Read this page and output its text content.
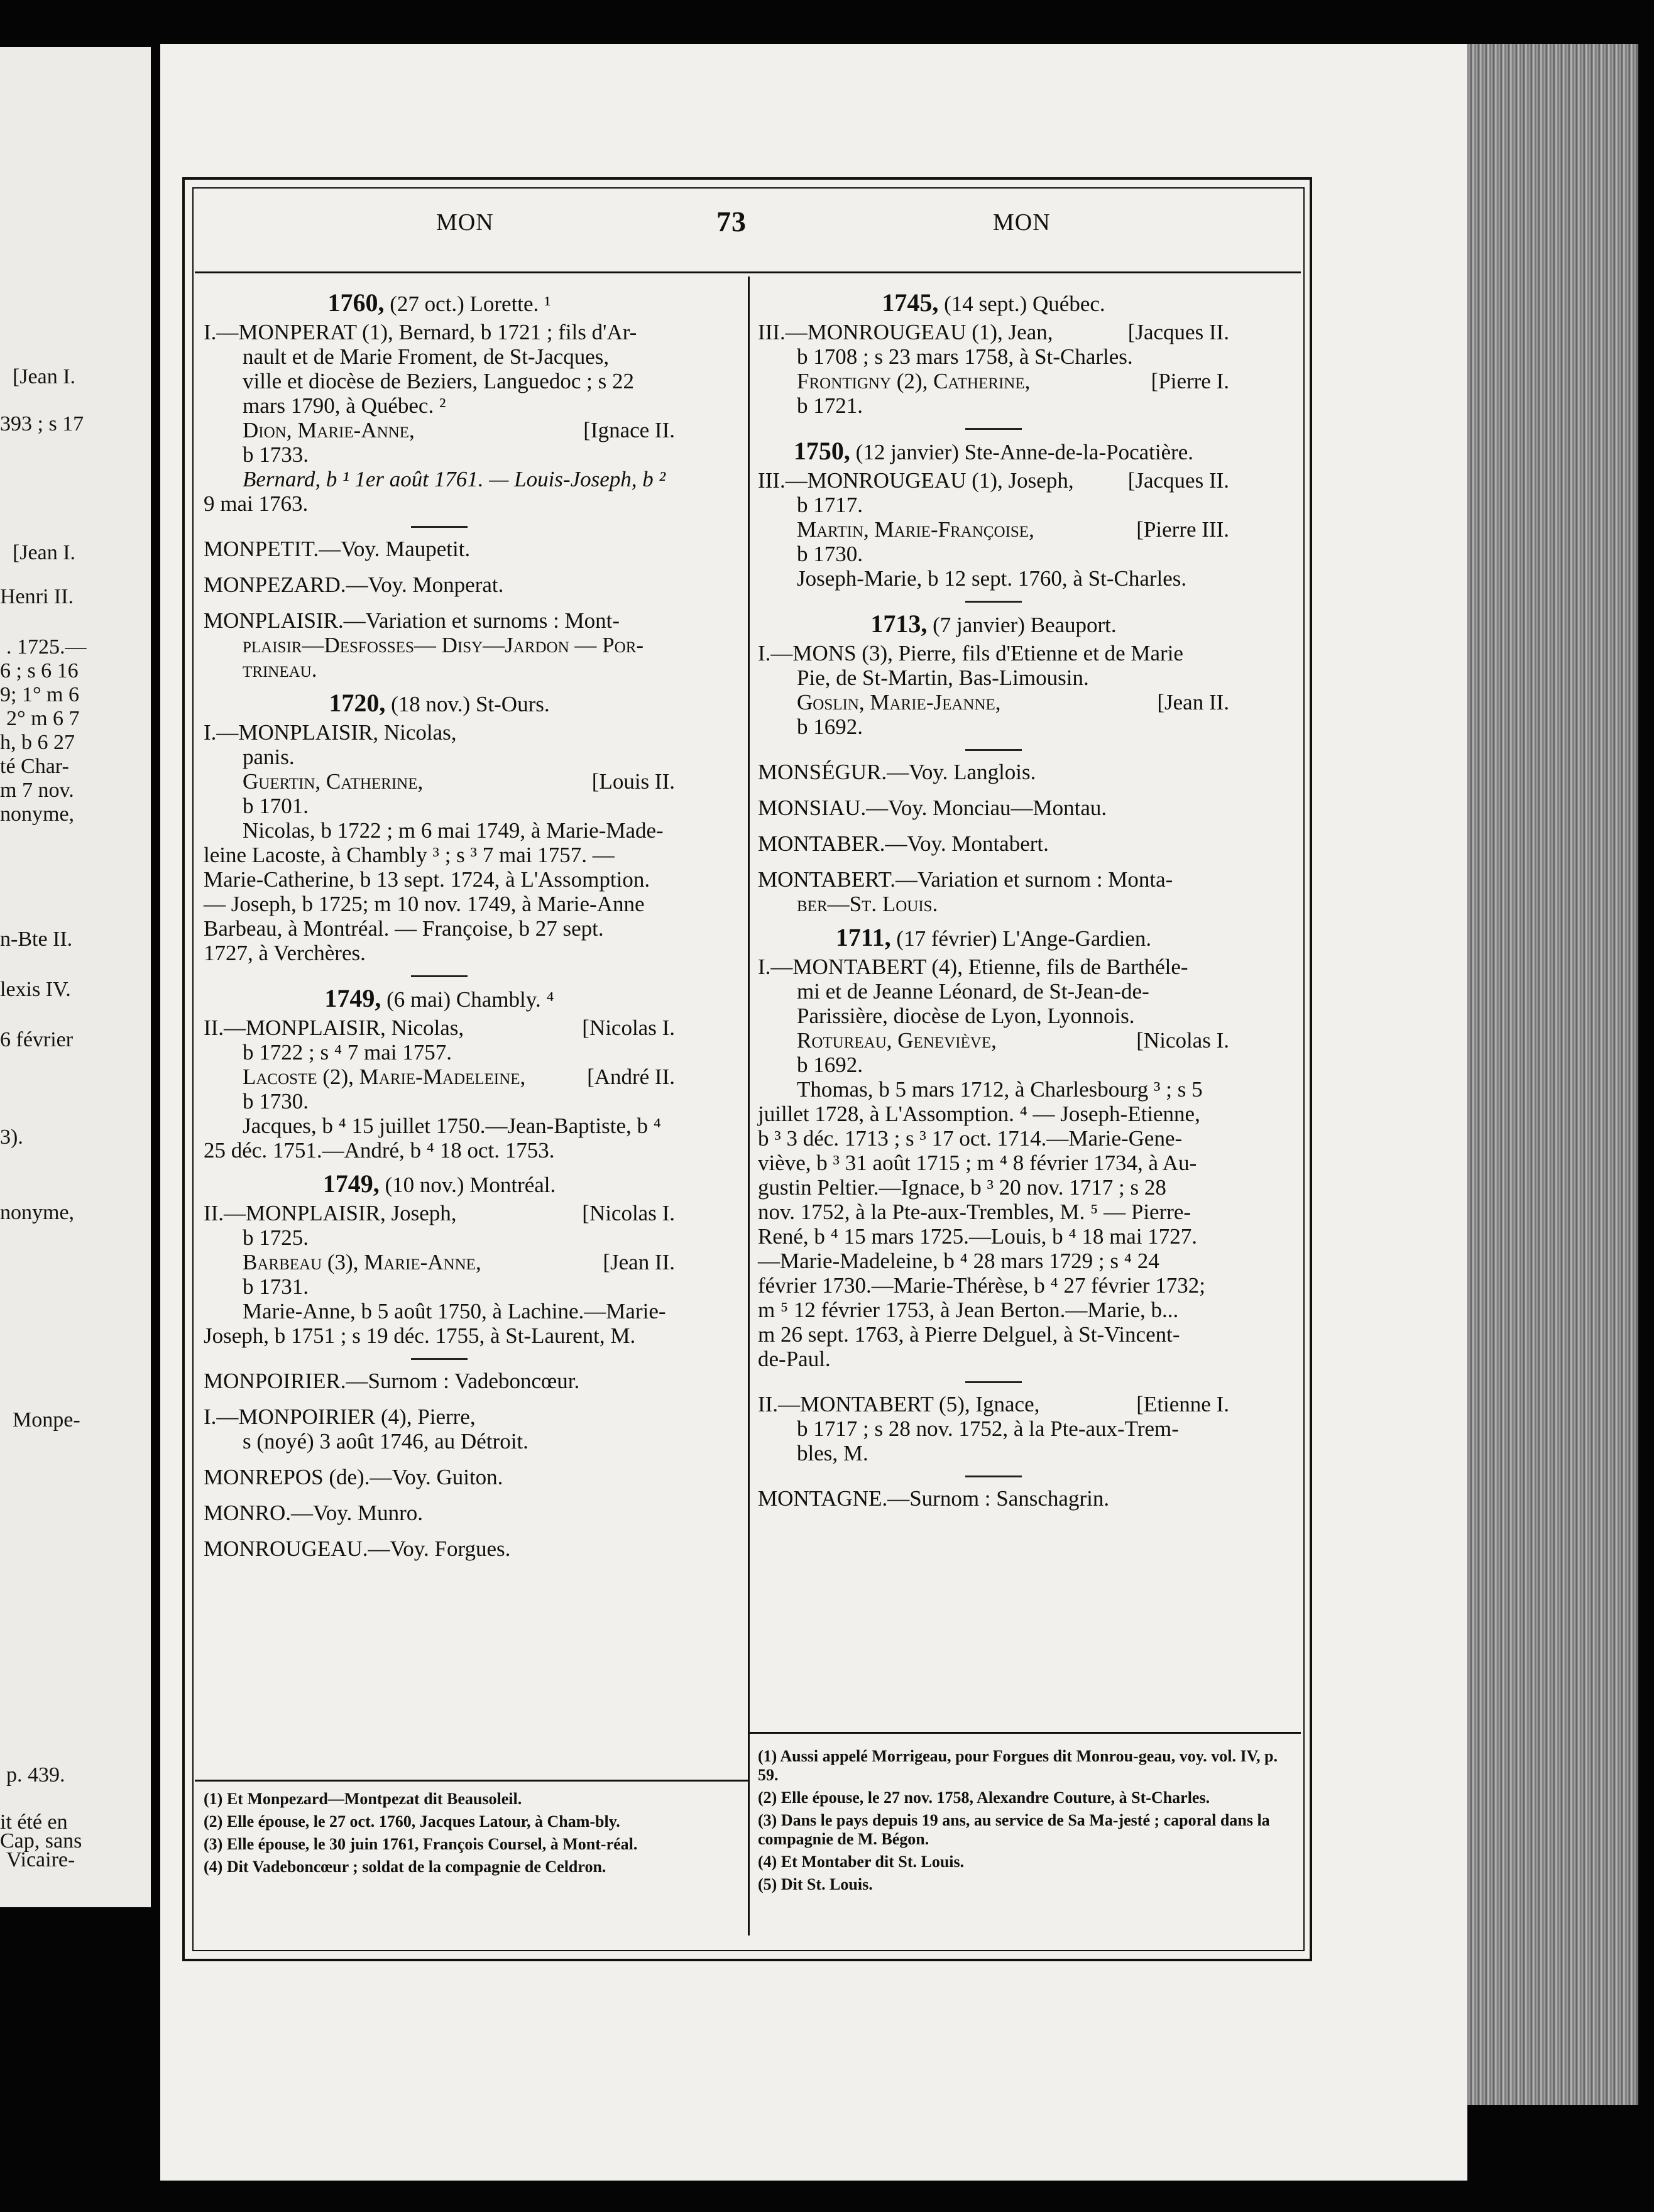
[Jean I.
393 ; s 17
[Jean I.
Henri II.
. 1725.—
6 ; s 6 16
9; 1° m 6
2° m 6 7
h, b 6 27
té Char-
m 7 nov.
nonyme,
n-Bte II.
lexis IV.
6 février
3).
nonyme,
Monpe-
p. 439.
it été en
Cap, sans
Vicaire-
MON	73	MON

1760, (27 oct.) Lorette. ¹

I.—MONPERAT (1), Bernard, b 1721 ; fils d'Ar-

nault et de Marie Froment, de St-Jacques,

ville et diocèse de Beziers, Languedoc ; s 22

mars 1790, à Québec. ²

Dion, Marie-Anne,	[Ignace II.

b 1733.

Bernard, b ¹ 1er août 1761. — Louis-Joseph, b ²

9 mai 1763.

MONPETIT.—Voy. Maupetit.

MONPEZARD.—Voy. Monperat.

MONPLAISIR.—Variation et surnoms : Mont-

plaisir—Desfosses— Disy—Jardon — Por-

trineau.

1720, (18 nov.) St-Ours.

I.—MONPLAISIR, Nicolas,

panis.

Guertin, Catherine,	[Louis II.

b 1701.

Nicolas, b 1722 ; m 6 mai 1749, à Marie-Made-

leine Lacoste, à Chambly ³ ; s ³ 7 mai 1757. —

Marie-Catherine, b 13 sept. 1724, à L'Assomption.

— Joseph, b 1725; m 10 nov. 1749, à Marie-Anne

Barbeau, à Montréal. — Françoise, b 27 sept.

1727, à Verchères.

1749, (6 mai) Chambly. ⁴

II.—MONPLAISIR, Nicolas,	[Nicolas I.

b 1722 ; s ⁴ 7 mai 1757.

Lacoste (2), Marie-Madeleine,	[André II.

b 1730.

Jacques, b ⁴ 15 juillet 1750.—Jean-Baptiste, b ⁴

25 déc. 1751.—André, b ⁴ 18 oct. 1753.

1749, (10 nov.) Montréal.

II.—MONPLAISIR, Joseph,	[Nicolas I.

b 1725.

Barbeau (3), Marie-Anne,	[Jean II.

b 1731.

Marie-Anne, b 5 août 1750, à Lachine.—Marie-

Joseph, b 1751 ; s 19 déc. 1755, à St-Laurent, M.

MONPOIRIER.—Surnom : Vadeboncœur.

I.—MONPOIRIER (4), Pierre,

s (noyé) 3 août 1746, au Détroit.

MONREPOS (de).—Voy. Guiton.

MONRO.—Voy. Munro.

MONROUGEAU.—Voy. Forgues.

1745, (14 sept.) Québec.

III.—MONROUGEAU (1), Jean,	[Jacques II.

b 1708 ; s 23 mars 1758, à St-Charles.

Frontigny (2), Catherine,	[Pierre I.

b 1721.

1750, (12 janvier) Ste-Anne-de-la-Pocatière.

III.—MONROUGEAU (1), Joseph, [Jacques II.

b 1717.

Martin, Marie-Françoise,	[Pierre III.

b 1730.

Joseph-Marie, b 12 sept. 1760, à St-Charles.

1713, (7 janvier) Beauport.

I.—MONS (3), Pierre, fils d'Etienne et de Marie

Pie, de St-Martin, Bas-Limousin.

Goslin, Marie-Jeanne,	[Jean II.

b 1692.

MONSÉGUR.—Voy. Langlois.

MONSIAU.—Voy. Monciau—Montau.

MONTABER.—Voy. Montabert.

MONTABERT.—Variation et surnom : Monta-

ber—St. Louis.

1711, (17 février) L'Ange-Gardien.

I.—MONTABERT (4), Etienne, fils de Barthéle-

mi et de Jeanne Léonard, de St-Jean-de-

Parissière, diocèse de Lyon, Lyonnois.

Rotureau, Geneviève,	[Nicolas I.

b 1692.

Thomas, b 5 mars 1712, à Charlesbourg ³ ; s 5

juillet 1728, à L'Assomption. ⁴ — Joseph-Etienne,

b ³ 3 déc. 1713 ; s ³ 17 oct. 1714.—Marie-Gene-

viève, b ³ 31 août 1715 ; m ⁴ 8 février 1734, à Au-

gustin Peltier.—Ignace, b ³ 20 nov. 1717 ; s 28

nov. 1752, à la Pte-aux-Trembles, M. ⁵ — Pierre-

René, b ⁴ 15 mars 1725.—Louis, b ⁴ 18 mai 1727.

—Marie-Madeleine, b ⁴ 28 mars 1729 ; s ⁴ 24

février 1730.—Marie-Thérèse, b ⁴ 27 février 1732;

m ⁵ 12 février 1753, à Jean Berton.—Marie, b...

m 26 sept. 1763, à Pierre Delguel, à St-Vincent-

de-Paul.

II.—MONTABERT (5), Ignace,	[Etienne I.

b 1717 ; s 28 nov. 1752, à la Pte-aux-Trem-

bles, M.

MONTAGNE.—Surnom : Sanschagrin.

(1) Et Monpezard—Montpezat dit Beausoleil.

(2) Elle épouse, le 27 oct. 1760, Jacques Latour, à Cham-bly.

(3) Elle épouse, le 30 juin 1761, François Coursel, à Mont-réal.

(4) Dit Vadeboncœur ; soldat de la compagnie de Celdron.

(1) Aussi appelé Morrigeau, pour Forgues dit Monrou-geau, voy. vol. IV, p. 59.

(2) Elle épouse, le 27 nov. 1758, Alexandre Couture, à St-Charles.

(3) Dans le pays depuis 19 ans, au service de Sa Ma-jesté ; caporal dans la compagnie de M. Bégon.

(4) Et Montaber dit St. Louis.

(5) Dit St. Louis.
